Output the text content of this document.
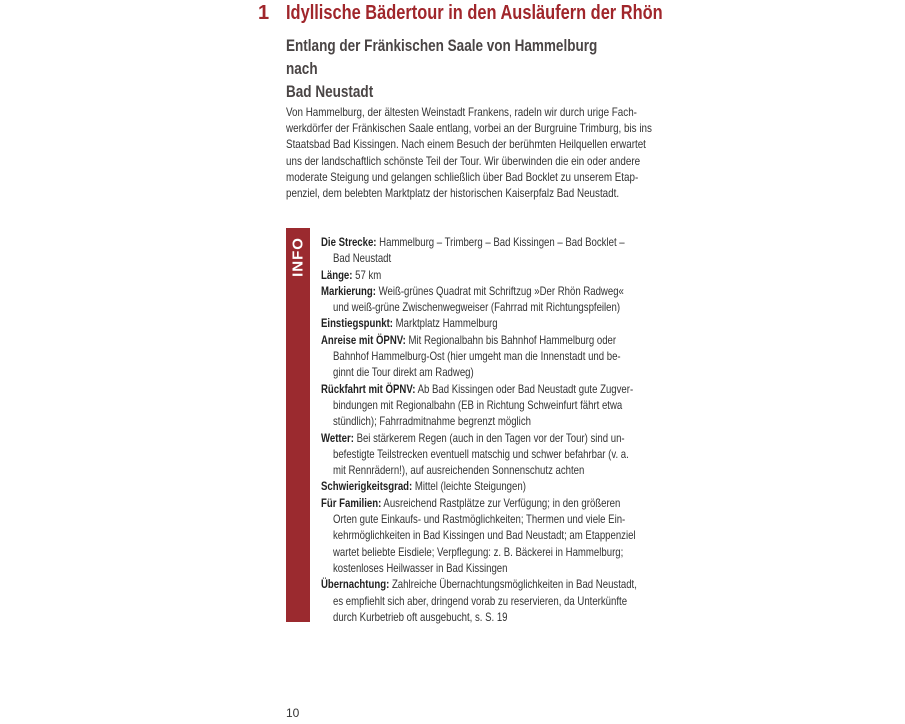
1 Idyllische Bädertour in den Ausläufern der Rhön
Entlang der Fränkischen Saale von Hammelburg nach
Bad Neustadt

Von Hammelburg, der ältesten Weinstadt Frankens, radeln wir durch urige Fach-
werkdörfer der Fränkischen Saale entlang, vorbei an der Burgruine Trimburg, bis ins
Staatsbad Bad Kissingen. Nach einem Besuch der berühmten Heilquellen erwartet
uns der landschaftlich schönste Teil der Tour. Wir überwinden die ein oder andere
moderate Steigung und gelangen schließlich über Bad Bocklet zu unserem Etap-
penziel, dem belebten Marktplatz der historischen Kaiserpfalz Bad Neustadt.

INFO Die Strecke: Hammelburg – Trimberg – Bad Kissingen – Bad Bocklet –
Bad Neustadt
Länge: 57 km
Markierung: Weiß-grünes Quadrat mit Schriftzug »Der Rhön Radweg«
und weiß-grüne Zwischenwegweiser (Fahrrad mit Richtungspfeilen)
Einstiegspunkt: Marktplatz Hammelburg
Anreise mit ÖPNV: Mit Regionalbahn bis Bahnhof Hammelburg oder
Bahnhof Hammelburg-Ost (hier umgeht man die Innenstadt und be-
ginnt die Tour direkt am Radweg)
Rückfahrt mit ÖPNV: Ab Bad Kissingen oder Bad Neustadt gute Zugver-
bindungen mit Regionalbahn (EB in Richtung Schweinfurt fährt etwa
stündlich); Fahrradmitnahme begrenzt möglich
Wetter: Bei stärkerem Regen (auch in den Tagen vor der Tour) sind un-
befestigte Teilstrecken eventuell matschig und schwer befahrbar (v. a.
mit Rennrädern!), auf ausreichenden Sonnenschutz achten
Schwierigkeitsgrad: Mittel (leichte Steigungen)
Für Familien: Ausreichend Rastplätze zur Verfügung; in den größeren
Orten gute Einkaufs- und Rastmöglichkeiten; Thermen und viele Ein-
kehrmöglichkeiten in Bad Kissingen und Bad Neustadt; am Etappenziel
wartet beliebte Eisdiele; Verpflegung: z. B. Bäckerei in Hammelburg;
kostenloses Heilwasser in Bad Kissingen
Übernachtung: Zahlreiche Übernachtungsmöglichkeiten in Bad Neustadt,
es empfiehlt sich aber, dringend vorab zu reservieren, da Unterkünfte
durch Kurbetrieb oft ausgebucht, s. S. 19
10
